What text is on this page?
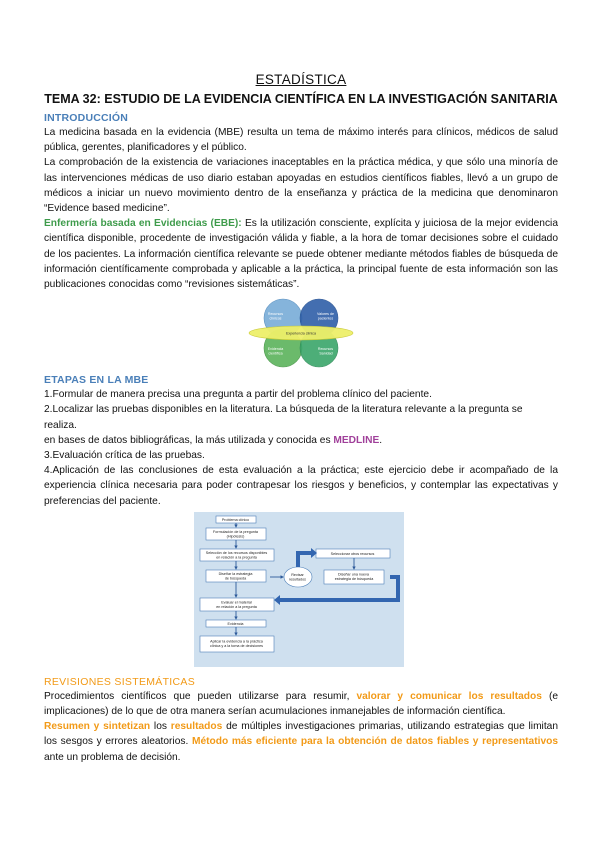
ESTADÍSTICA
TEMA 32: ESTUDIO DE LA EVIDENCIA CIENTÍFICA EN LA INVESTIGACIÓN SANITARIA
INTRODUCCIÓN

La medicina basada en la evidencia (MBE) resulta un tema de máximo interés para clínicos, médicos de salud pública, gerentes, planificadores y el público.

La comprobación de la existencia de variaciones inaceptables en la práctica médica, y que sólo una minoría de las intervenciones médicas de uso diario estaban apoyadas en estudios científicos fiables, llevó a un grupo de médicos a iniciar un nuevo movimiento dentro de la enseñanza y práctica de la medicina que denominaron “Evidence based medicine”.

Enfermería basada en Evidencias (EBE): Es la utilización consciente, explícita y juiciosa de la mejor evidencia científica disponible, procedente de investigación válida y fiable, a la hora de tomar decisiones sobre el cuidado de los pacientes. La información científica relevante se puede obtener mediante métodos fiables de búsqueda de información científicamente comprobada y aplicable a la práctica, la principal fuente de esta información son las publicaciones conocidas como “revisiones sistemáticas”.

Recursos clínicos Valores de pacientes Evidencia científica Recursos Sanidad
Experiencia clínica
ETAPAS EN LA MBE

1.Formular de manera precisa una pregunta a partir del problema clínico del paciente.

2.Localizar las pruebas disponibles en la literatura. La búsqueda de la literatura relevante a la pregunta se realiza.

en bases de datos bibliográficas, la más utilizada y conocida es MEDLINE.

3.Evaluación crítica de las pruebas.

4.Aplicación de las conclusiones de esta evaluación a la práctica; este ejercicio debe ir acompañado de la experiencia clínica necesaria para poder contrapesar los riesgos y beneficios, y contemplar las expectativas y preferencias del paciente.

Problema clínico Formulación de la pregunta (Hipótesis) Selección de los recursos disponibles en relación a la pregunta Diseñar la estrategia de búsqueda Evaluar el material en relación a la pregunta Evidencia Aplicar la evidencia a la práctica clínica y a la toma de decisiones Revisar resultados Seleccionar otros recursos Diseñar una nueva estrategia de búsqueda
REVISIONES SISTEMÁTICAS

Procedimientos científicos que pueden utilizarse para resumir, valorar y comunicar los resultados (e implicaciones) de lo que de otra manera serían acumulaciones inmanejables de información científica.

Resumen y sintetizan los resultados de múltiples investigaciones primarias, utilizando estrategias que limitan los sesgos y errores aleatorios. Método más eficiente para la obtención de datos fiables y representativos ante un problema de decisión.
